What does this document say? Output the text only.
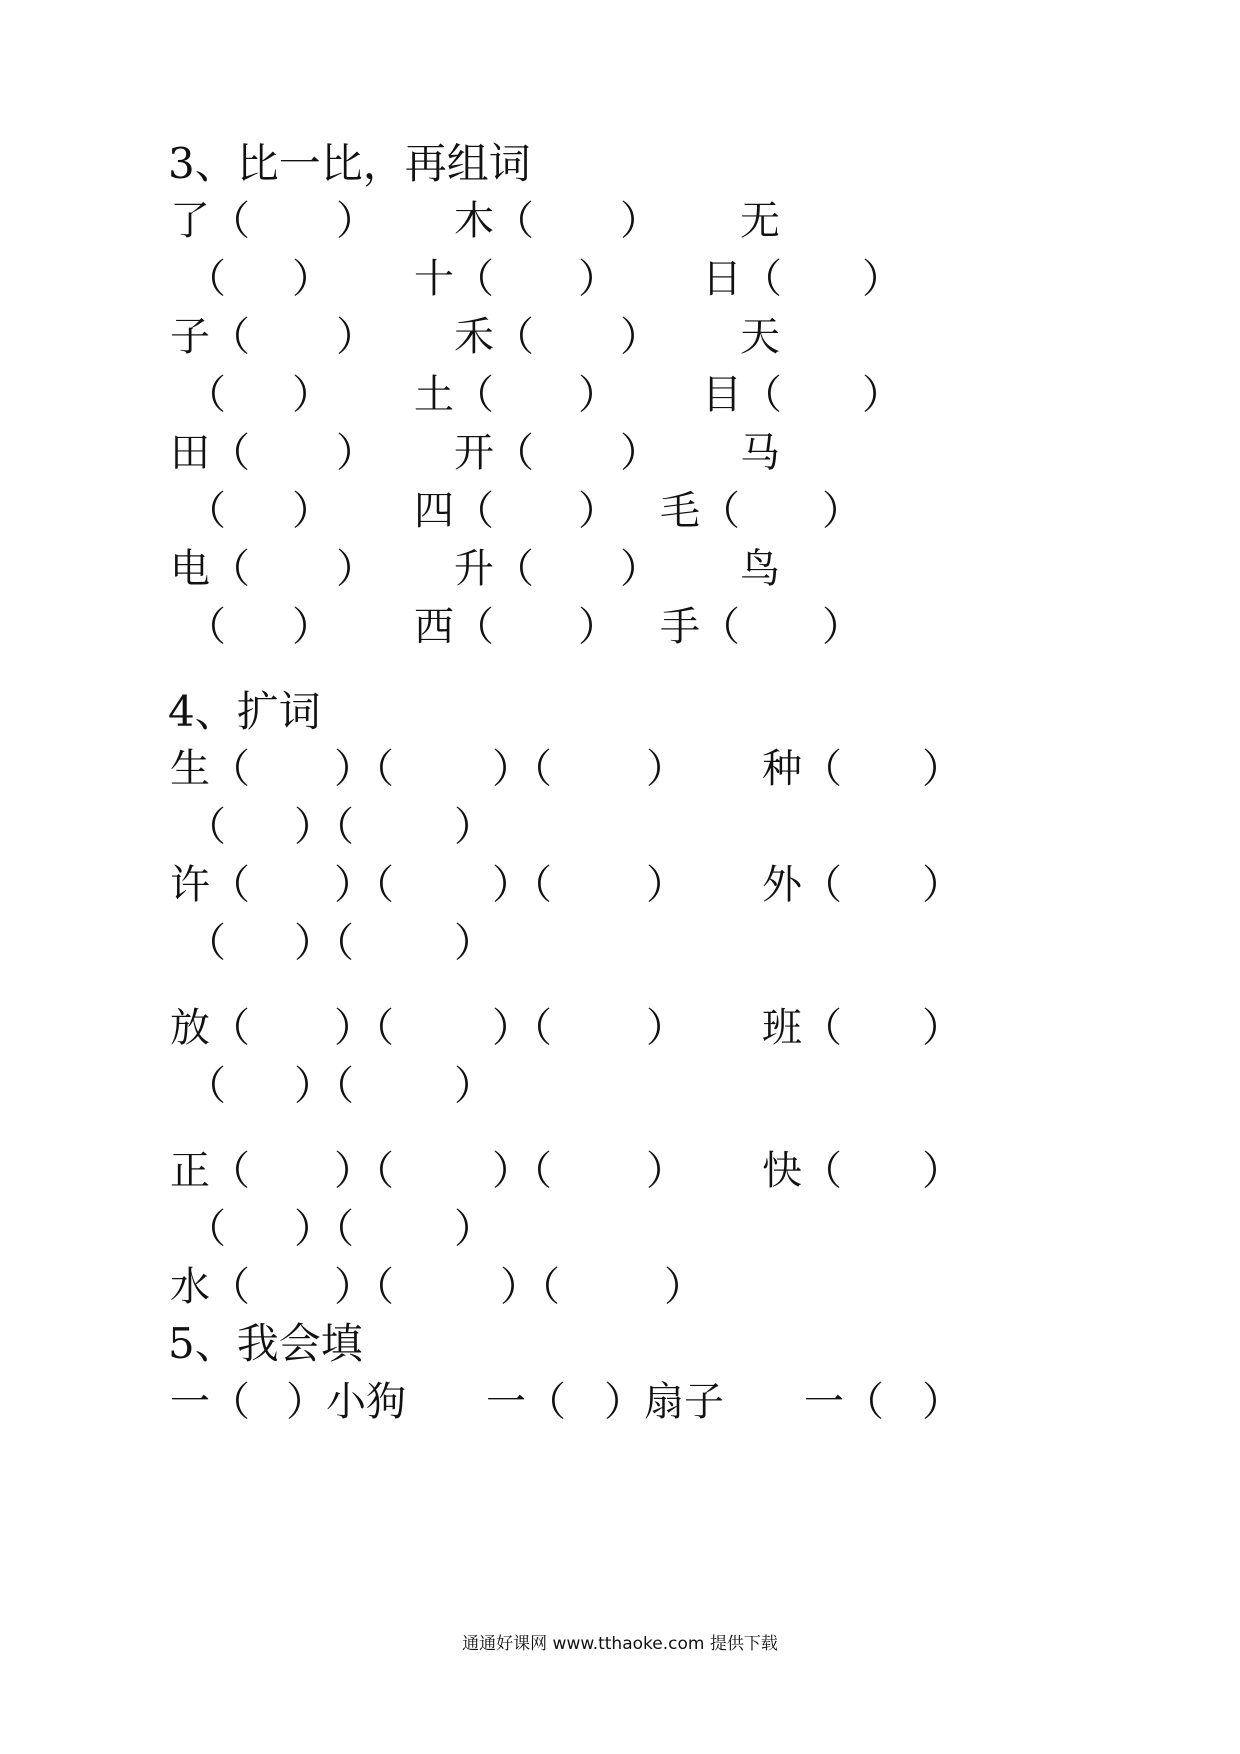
3、比一比，再组词
了（ ） 木（ ） 无
（ ） 十（ ） 日（ ）
子（ ） 禾（ ） 天
（ ） 土（ ） 目（ ）
田（ ） 开（ ） 马
（ ） 四（ ） 毛（ ）
电（ ） 升（ ） 鸟
（ ） 西（ ） 手（ ）
4、扩词
生（ ）（ ）（ ） 种（ ）
（ ）（	）
许（ ）（ ）（ ） 外（ ）
（ ）（	）
放（ ）（ ）（ ） 班（ ）
（ ）（	）
正（ ）（ ）（ ） 快（ ）
（ ）（	）
水（ ）（	）（	）
5、我会填
一（ ）小狗 一（ ）扇子 一（ ）
通通好课网 www.tthaoke.com 提供下载
